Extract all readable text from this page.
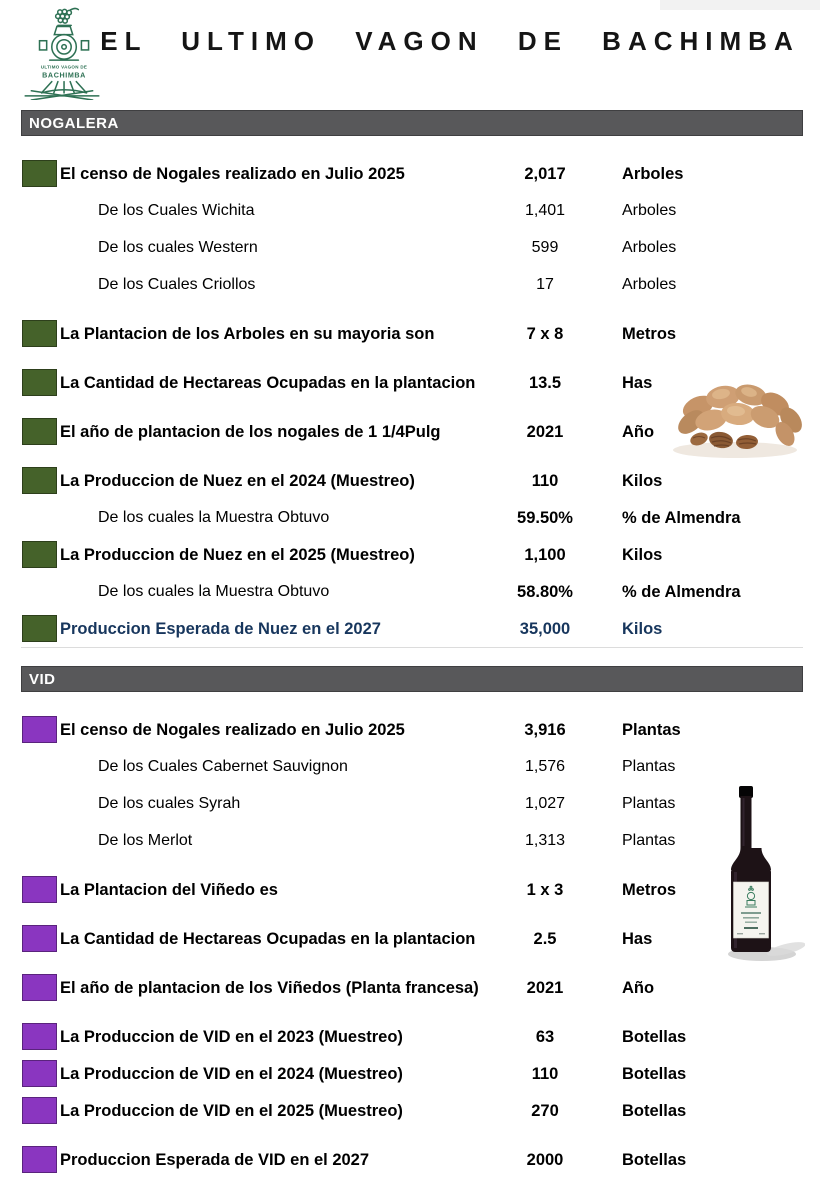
ULTIMO VAGON DE
BACHIMBA
EL ULTIMO VAGON DE BACHIMBA
NOGALERA
El censo de Nogales realizado en Julio 2025	2,017	Arboles
De los Cuales Wichita	1,401	Arboles
De los cuales Western	599	Arboles
De los Cuales Criollos	17	Arboles
La Plantacion de los Arboles en su mayoria son	7 x 8	Metros
La Cantidad de Hectareas Ocupadas en la plantacion	13.5	Has
El año de plantacion de los nogales de 1 1/4Pulg	2021	Año
La Produccion de Nuez en el 2024 (Muestreo)	110	Kilos
De los cuales la Muestra Obtuvo	59.50%	% de Almendra
La Produccion de Nuez en el 2025 (Muestreo)	1,100	Kilos
De los cuales la Muestra Obtuvo	58.80%	% de Almendra
Produccion Esperada de Nuez en el 2027	35,000	Kilos
VID
El censo de Nogales realizado en Julio 2025	3,916	Plantas
De los Cuales Cabernet Sauvignon	1,576	Plantas
De los cuales Syrah	1,027	Plantas
De los Merlot	1,313	Plantas
La Plantacion del Viñedo es	1 x 3	Metros
La Cantidad de Hectareas Ocupadas en la plantacion	2.5	Has
El año de plantacion de los Viñedos (Planta francesa)	2021	Año
La Produccion de VID en el 2023 (Muestreo)	63	Botellas
La Produccion de VID en el 2024 (Muestreo)	110	Botellas
La Produccion de VID en el 2025 (Muestreo)	270	Botellas
Produccion Esperada de VID en el 2027	2000	Botellas
